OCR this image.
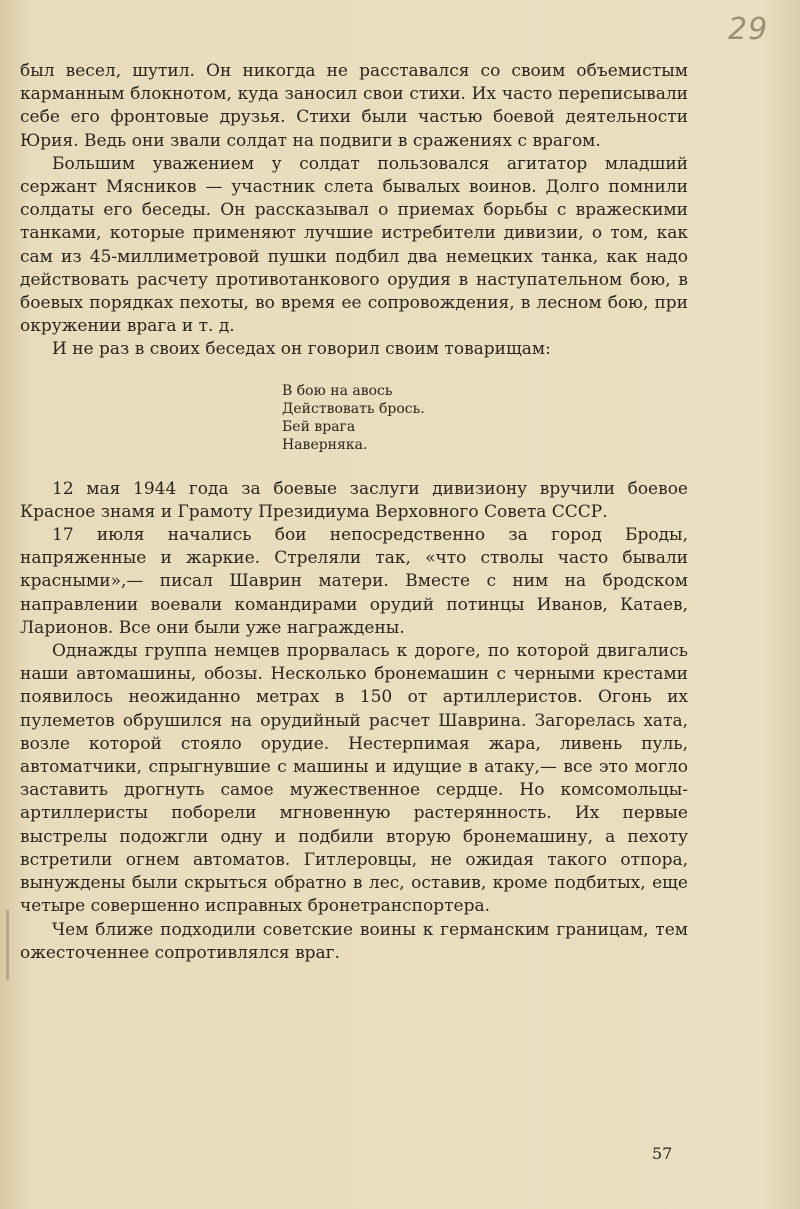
29

был весел, шутил. Он никогда не расставался со своим объемистым карманным блокнотом, куда заносил свои стихи. Их часто переписывали себе его фронтовые друзья. Стихи были частью боевой деятельности Юрия. Ведь они звали солдат на подвиги в сражениях с врагом.

Большим уважением у солдат пользовался агитатор младший сержант Мясников — участник слета бывалых воинов. Долго помнили солдаты его беседы. Он рассказывал о приемах борьбы с вражескими танками, которые применяют лучшие истребители дивизии, о том, как сам из 45-миллиметровой пушки подбил два немецких танка, как надо действовать расчету противотанкового орудия в наступательном бою, в боевых порядках пехоты, во время ее сопровождения, в лесном бою, при окружении врага и т. д.

И не раз в своих беседах он говорил своим товарищам:

В бою на авось
Действовать брось.
Бей врага
Наверняка.

12 мая 1944 года за боевые заслуги дивизиону вручили боевое Красное знамя и Грамоту Президиума Верховного Совета СССР.

17 июля начались бои непосредственно за город Броды, напряженные и жаркие. Стреляли так, «что стволы часто бывали красными»,— писал Шаврин матери. Вместе с ним на бродском направлении воевали командирами орудий потинцы Иванов, Катаев, Ларионов. Все они были уже награждены.

Однажды группа немцев прорвалась к дороге, по которой двигались наши автомашины, обозы. Несколько бронемашин с черными крестами появилось неожиданно метрах в 150 от артиллеристов. Огонь их пулеметов обрушился на орудийный расчет Шаврина. Загорелась хата, возле которой стояло орудие. Нестерпимая жара, ливень пуль, автоматчики, спрыгнувшие с машины и идущие в атаку,— все это могло заставить дрогнуть самое мужественное сердце. Но комсомольцы-артиллеристы поборели мгновенную растерянность. Их первые выстрелы подожгли одну и подбили вторую бронемашину, а пехоту встретили огнем автоматов. Гитлеровцы, не ожидая такого отпора, вынуждены были скрыться обратно в лес, оставив, кроме подбитых, еще четыре совершенно исправных бронетранспортера.

Чем ближе подходили советские воины к германским границам, тем ожесточеннее сопротивлялся враг.

57
